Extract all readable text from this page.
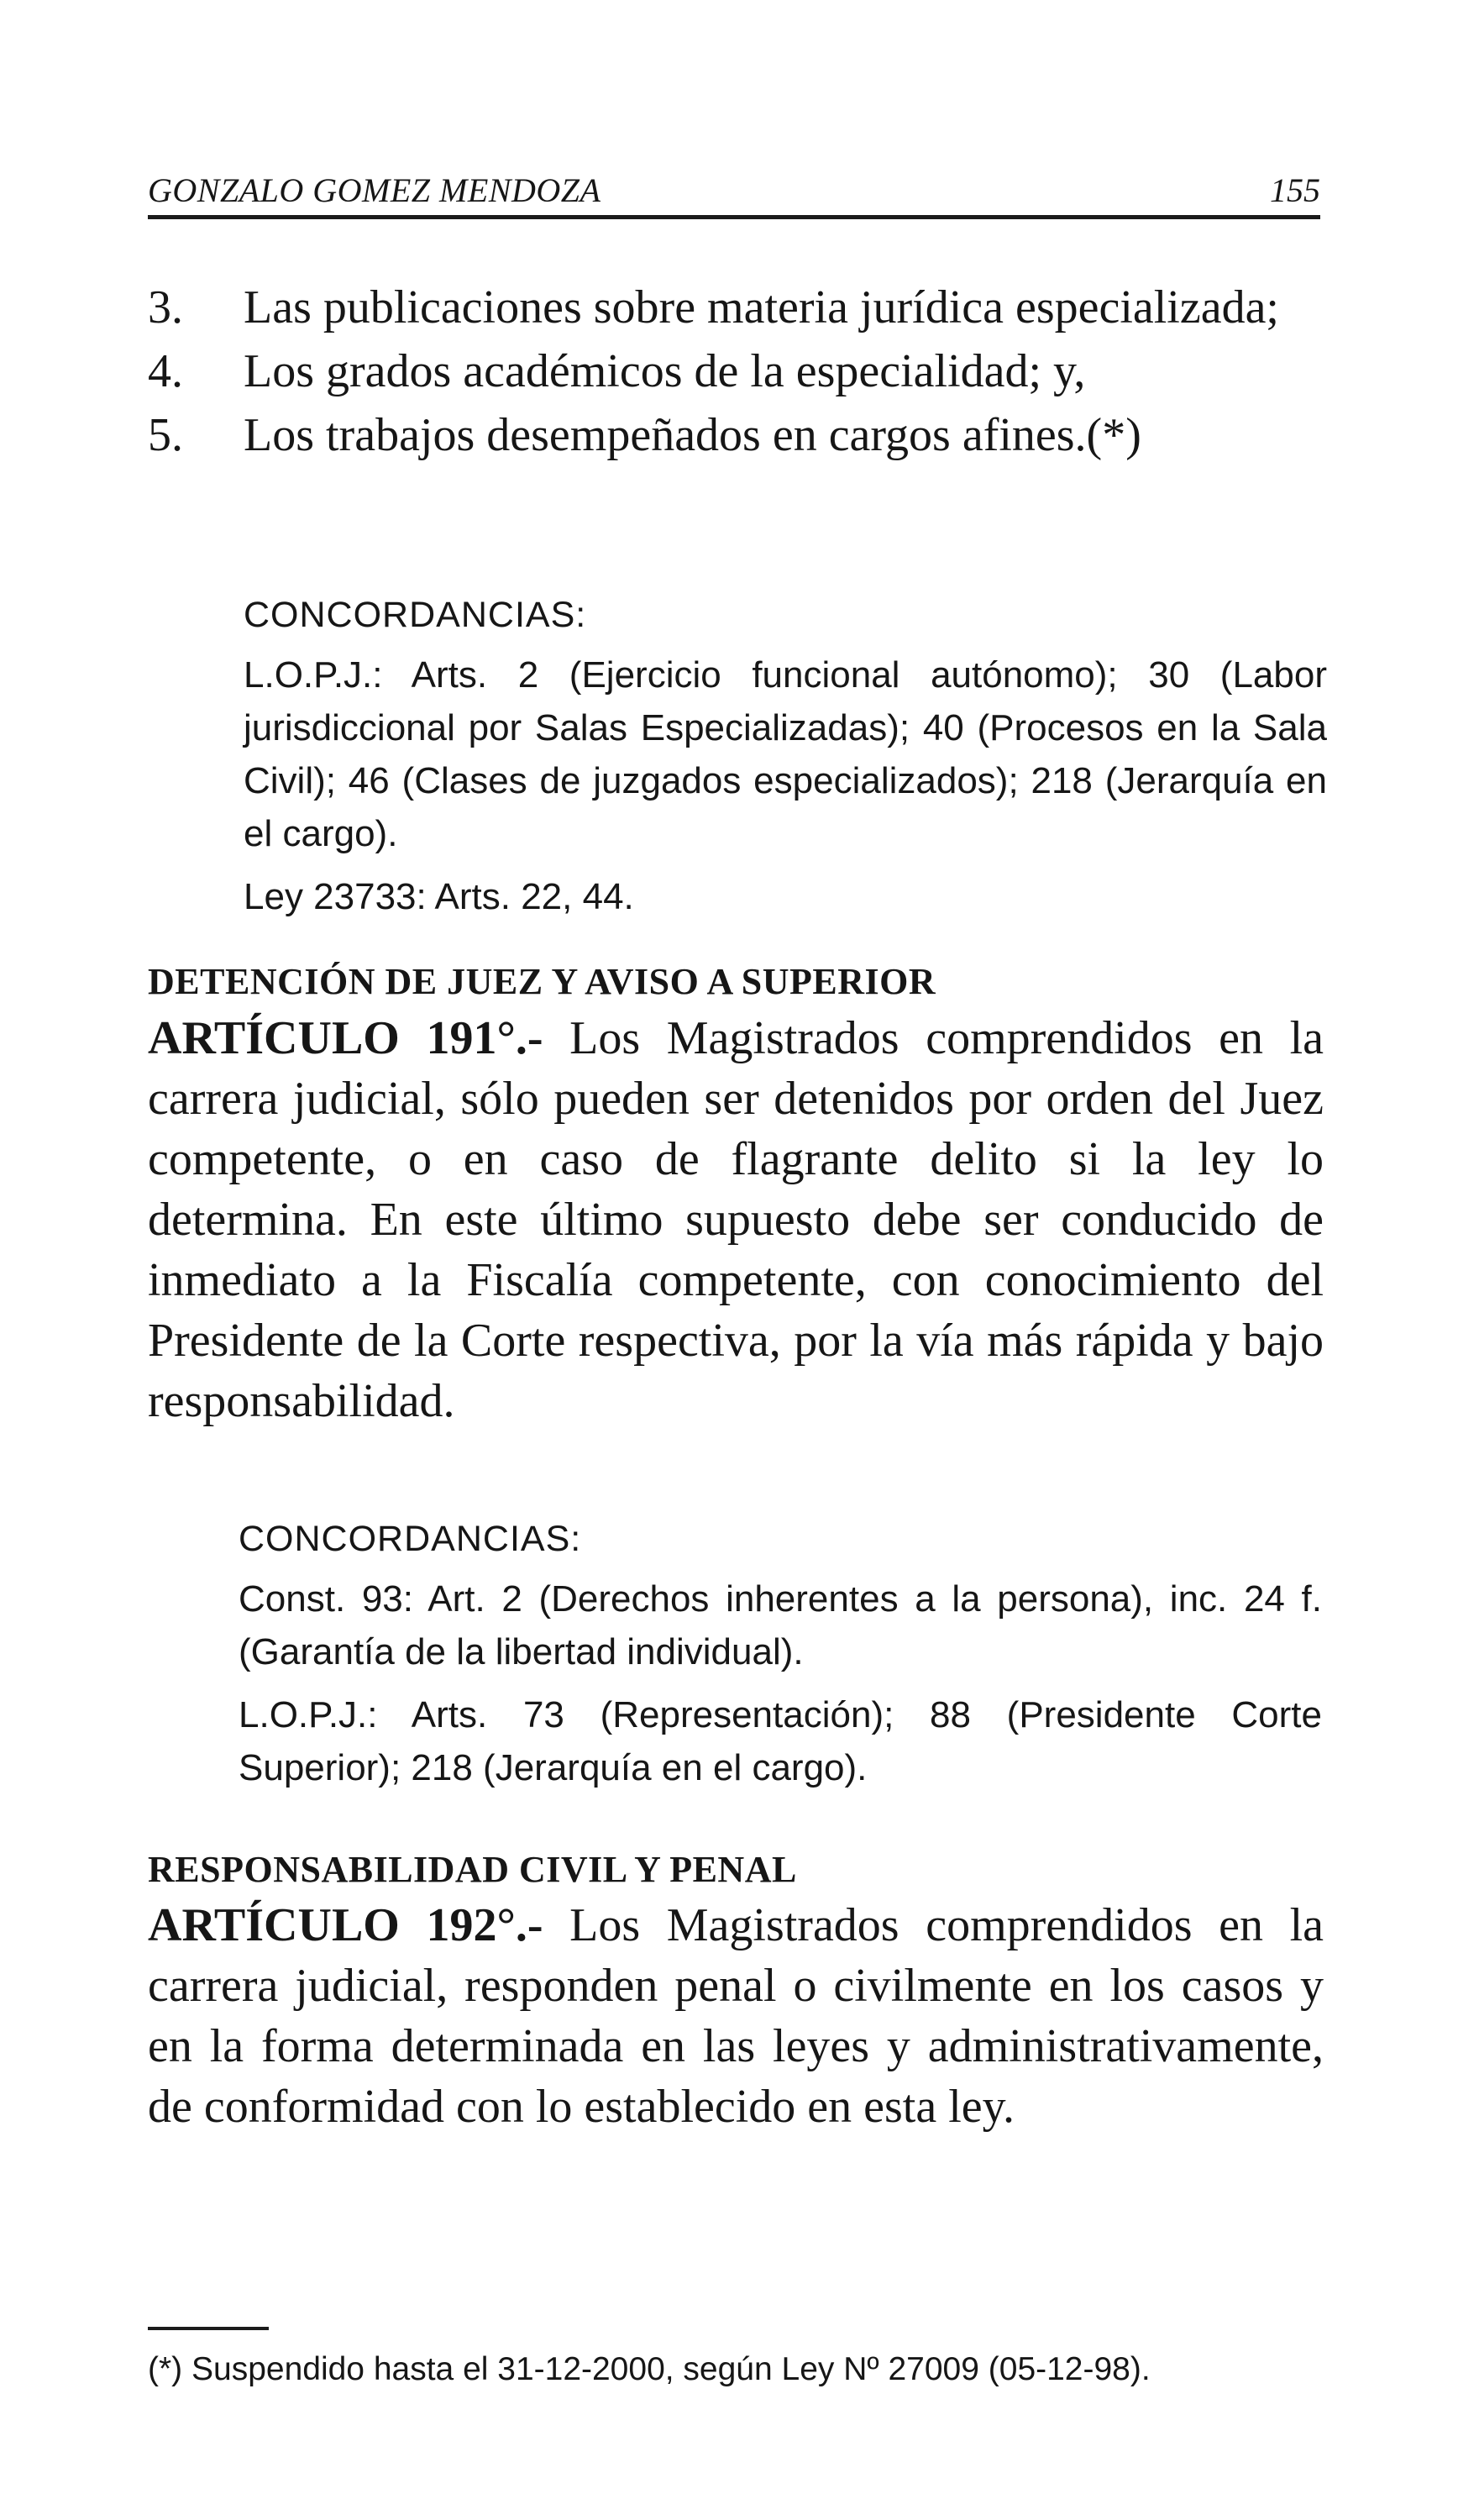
GONZALO GOMEZ MENDOZA	155
3. Las publicaciones sobre materia jurídica especializada;
4. Los grados académicos de la especialidad; y,
5. Los trabajos desempeñados en cargos afines.(*)
CONCORDANCIAS:
L.O.P.J.: Arts. 2 (Ejercicio funcional autónomo); 30 (Labor jurisdiccional por Salas Especializadas); 40 (Procesos en la Sala Civil); 46 (Clases de juzgados especializados); 218 (Jerarquía en el cargo).
Ley 23733: Arts. 22, 44.
DETENCIÓN DE JUEZ Y AVISO A SUPERIOR
ARTÍCULO 191°.- Los Magistrados comprendidos en la carrera judicial, sólo pueden ser detenidos por orden del Juez competente, o en caso de flagrante delito si la ley lo determina. En este último supuesto debe ser conducido de inmediato a la Fiscalía competente, con conocimiento del Presidente de la Corte respectiva, por la vía más rápida y bajo responsabilidad.
CONCORDANCIAS:
Const. 93: Art. 2 (Derechos inherentes a la persona), inc. 24 f.(Garantía de la libertad individual).
L.O.P.J.: Arts. 73 (Representación); 88 (Presidente Corte Superior); 218 (Jerarquía en el cargo).
RESPONSABILIDAD CIVIL Y PENAL
ARTÍCULO 192°.- Los Magistrados comprendidos en la carrera judicial, responden penal o civilmente en los casos y en la forma determinada en las leyes y administrativamente, de conformidad con lo establecido en esta ley.
(*) Suspendido hasta el 31-12-2000, según Ley Nº 27009 (05-12-98).
